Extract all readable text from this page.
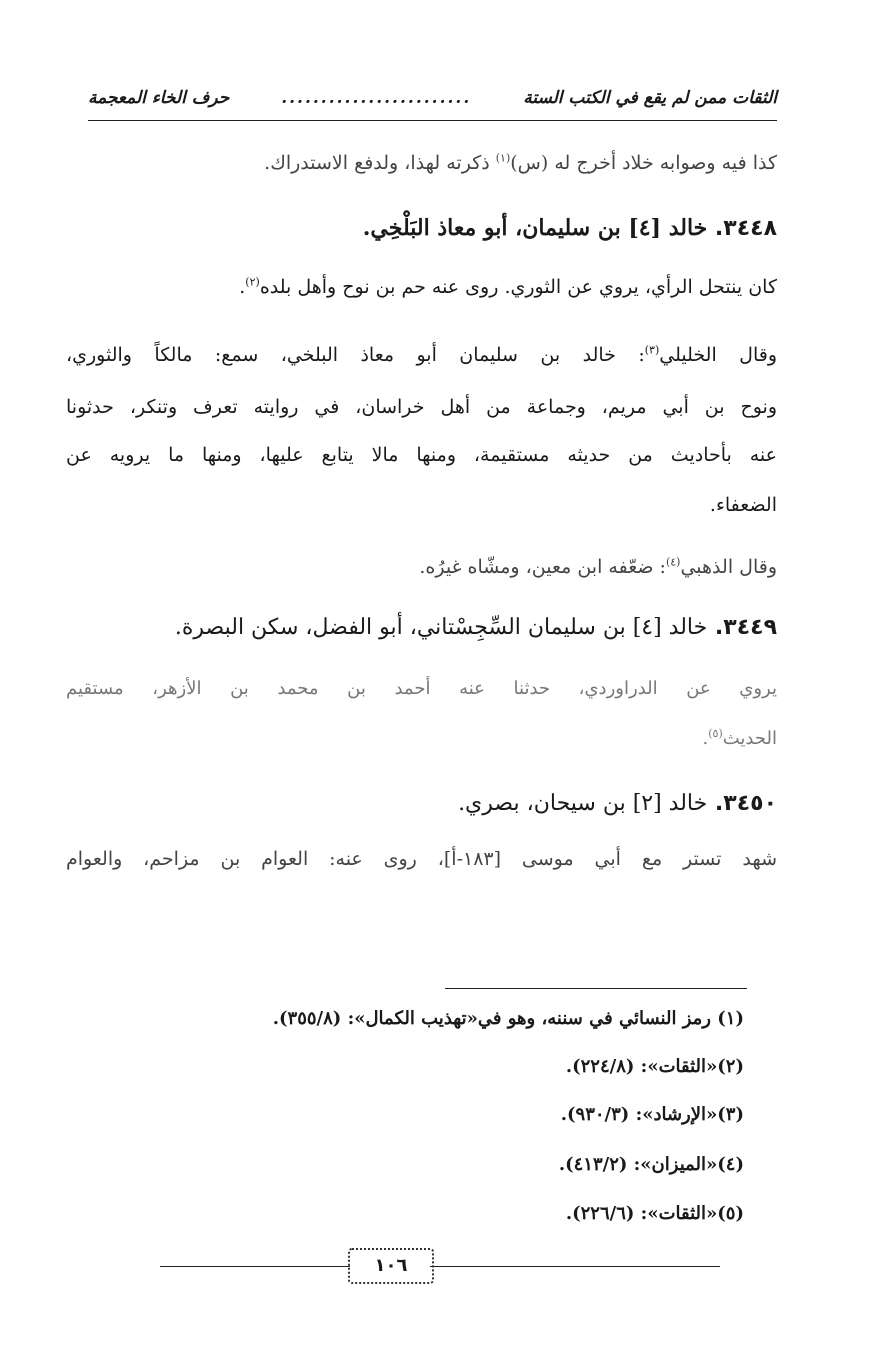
الثقات ممن لم يقع في الكتب الستة
........................
حرف الخاء المعجمة
كذا فيه وصوابه خلاد أخرج له (س)$^{(١)}$ ذكرته لهذا، ولدفع الاستدراك.
٣٤٤٨. خالد [٤] بن سليمان، أبو معاذ البَلْخِي.
كان ينتحل الرأي، يروي عن الثوري. روى عنه حم بن نوح وأهل بلده$^{(٢)}$.
وقال الخليلي$^{(٣)}$: خالد بن سليمان أبو معاذ البلخي، سمع: مالكاً والثوري،
ونوح بن أبي مريم، وجماعة من أهل خراسان، في روايته تعرف وتنكر، حدثونا
عنه بأحاديث من حديثه مستقيمة، ومنها مالا يتابع عليها، ومنها ما يرويه عن
الضعفاء.
وقال الذهبي$^{(٤)}$: ضعّفه ابن معين، ومشّاه غيرُه.
٣٤٤٩. خالد [٤] بن سليمان السِّجِسْتاني، أبو الفضل، سكن البصرة.
يروي عن الدراوردي، حدثنا عنه أحمد بن محمد بن الأزهر، مستقيم
الحديث$^{(٥)}$.
٣٤٥٠. خالد [٢] بن سيحان، بصري.
شهد تستر مع أبي موسى [١٨٣-أ]، روى عنه: العوام بن مزاحم، والعوام
(١) رمز النسائي في سننه، وهو في«تهذيب الكمال»: (٣٥٥/٨).
(٢)«الثقات»: (٢٢٤/٨).
(٣)«الإرشاد»: (٩٣٠/٣).
(٤)«الميزان»: (٤١٣/٢).
(٥)«الثقات»: (٢٢٦/٦).
١٠٦
